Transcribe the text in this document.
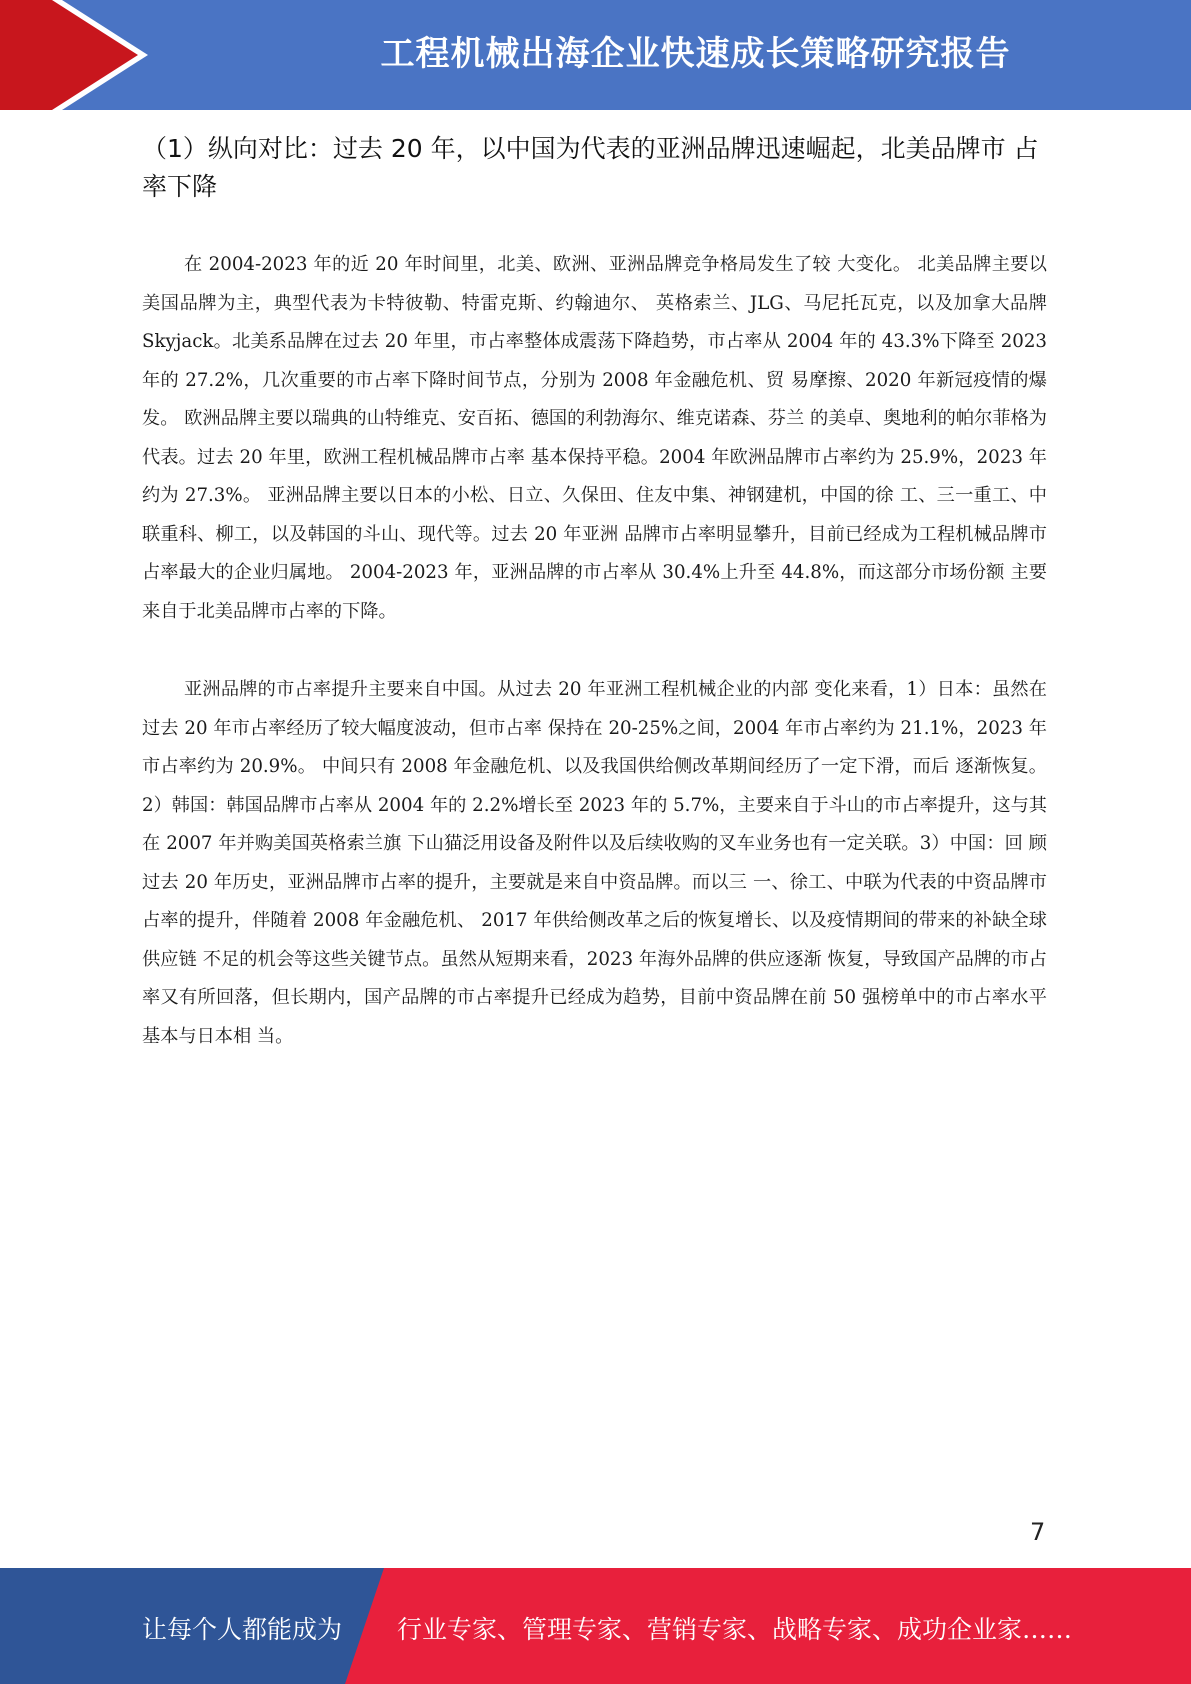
工程机械出海企业快速成长策略研究报告
（1）纵向对比：过去 20 年，以中国为代表的亚洲品牌迅速崛起，北美品牌市 占率下降

在 2004-2023 年的近 20 年时间里，北美、欧洲、亚洲品牌竞争格局发生了较 大变化。 北美品牌主要以美国品牌为主，典型代表为卡特彼勒、特雷克斯、约翰迪尔、 英格索兰、JLG、马尼托瓦克，以及加拿大品牌 Skyjack。北美系品牌在过去 20 年里，市占率整体成震荡下降趋势，市占率从 2004 年的 43.3%下降至 2023 年的 27.2%，几次重要的市占率下降时间节点，分别为 2008 年金融危机、贸 易摩擦、2020 年新冠疫情的爆发。 欧洲品牌主要以瑞典的山特维克、安百拓、德国的利勃海尔、维克诺森、芬兰 的美卓、奥地利的帕尔菲格为代表。过去 20 年里，欧洲工程机械品牌市占率 基本保持平稳。2004 年欧洲品牌市占率约为 25.9%，2023 年约为 27.3%。 亚洲品牌主要以日本的小松、日立、久保田、住友中集、神钢建机，中国的徐 工、三一重工、中联重科、柳工，以及韩国的斗山、现代等。过去 20 年亚洲 品牌市占率明显攀升，目前已经成为工程机械品牌市占率最大的企业归属地。 2004-2023 年，亚洲品牌的市占率从 30.4%上升至 44.8%，而这部分市场份额 主要来自于北美品牌市占率的下降。

亚洲品牌的市占率提升主要来自中国。从过去 20 年亚洲工程机械企业的内部 变化来看，1）日本：虽然在过去 20 年市占率经历了较大幅度波动，但市占率 保持在 20-25%之间，2004 年市占率约为 21.1%，2023 年市占率约为 20.9%。 中间只有 2008 年金融危机、以及我国供给侧改革期间经历了一定下滑，而后 逐渐恢复。2）韩国：韩国品牌市占率从 2004 年的 2.2%增长至 2023 年的 5.7%，主要来自于斗山的市占率提升，这与其在 2007 年并购美国英格索兰旗 下山猫泛用设备及附件以及后续收购的叉车业务也有一定关联。3）中国：回 顾过去 20 年历史，亚洲品牌市占率的提升，主要就是来自中资品牌。而以三 一、徐工、中联为代表的中资品牌市占率的提升，伴随着 2008 年金融危机、 2017 年供给侧改革之后的恢复增长、以及疫情期间的带来的补缺全球供应链 不足的机会等这些关键节点。虽然从短期来看，2023 年海外品牌的供应逐渐 恢复，导致国产品牌的市占率又有所回落，但长期内，国产品牌的市占率提升已经成为趋势，目前中资品牌在前 50 强榜单中的市占率水平基本与日本相 当。

7
让每个人都能成为 行业专家、管理专家、营销专家、战略专家、成功企业家……
